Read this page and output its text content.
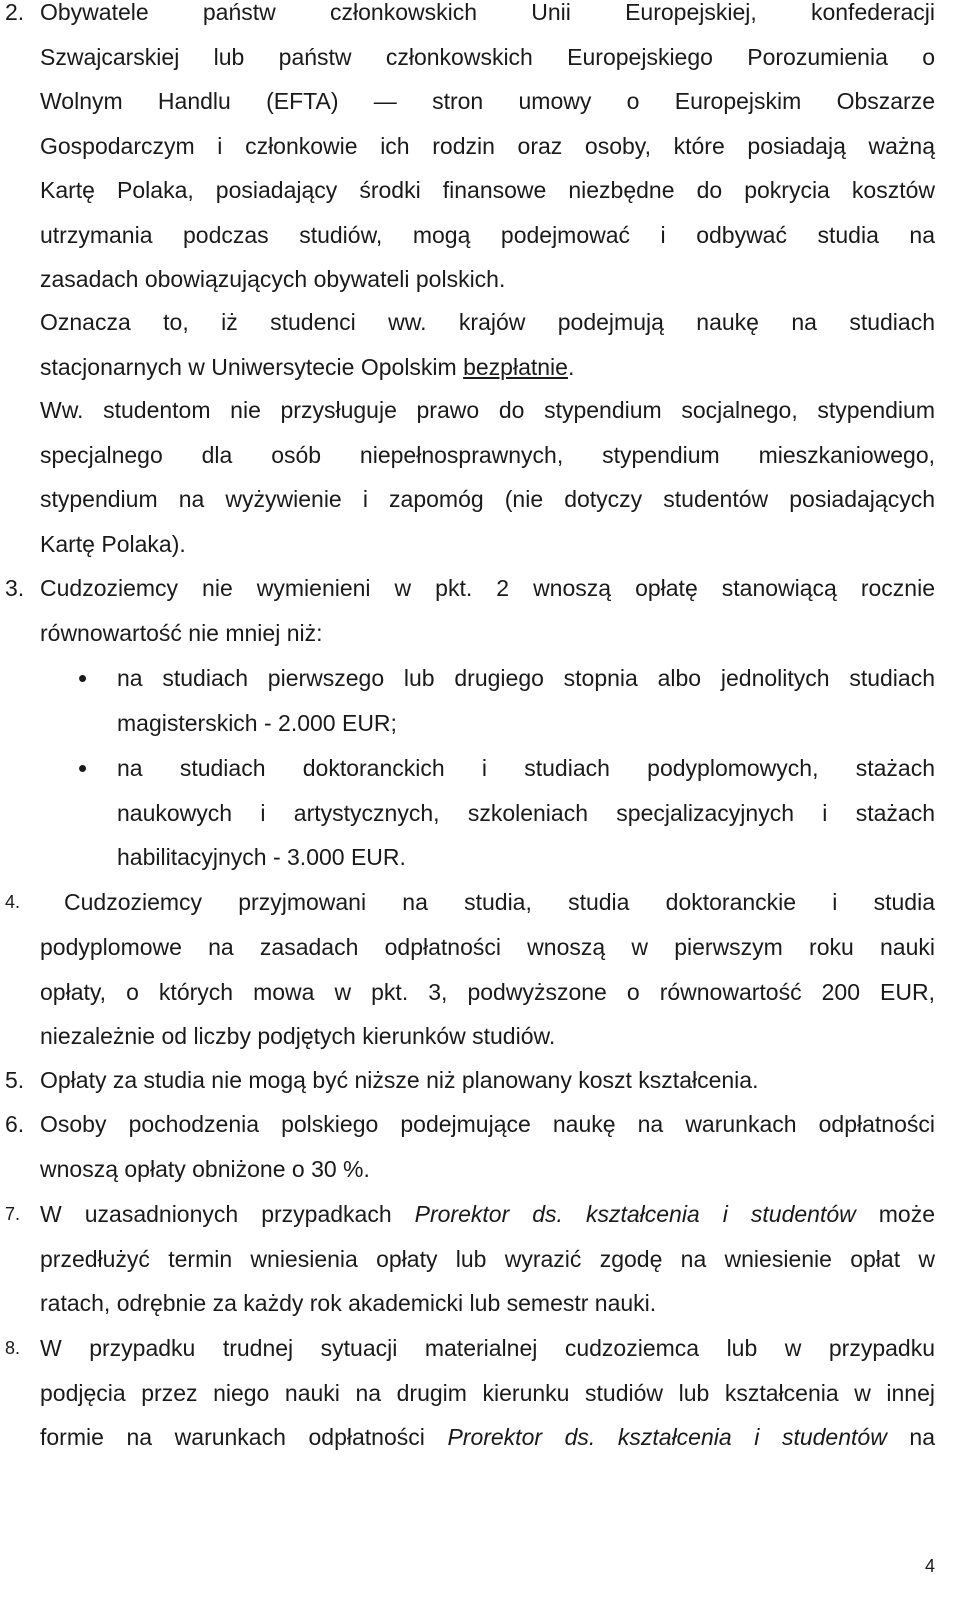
2. Obywatele państw członkowskich Unii Europejskiej, konfederacji
Szwajcarskiej lub państw członkowskich Europejskiego Porozumienia o
Wolnym Handlu (EFTA) — stron umowy o Europejskim Obszarze
Gospodarczym i członkowie ich rodzin oraz osoby, które posiadają ważną
Kartę Polaka, posiadający środki finansowe niezbędne do pokrycia kosztów
utrzymania podczas studiów, mogą podejmować i odbywać studia na
zasadach obowiązujących obywateli polskich.
Oznacza to, iż studenci ww. krajów podejmują naukę na studiach
stacjonarnych w Uniwersytecie Opolskim bezpłatnie.
Ww. studentom nie przysługuje prawo do stypendium socjalnego, stypendium
specjalnego dla osób niepełnosprawnych, stypendium mieszkaniowego,
stypendium na wyżywienie i zapomóg (nie dotyczy studentów posiadających
Kartę Polaka).
3. Cudzoziemcy nie wymienieni w pkt. 2 wnoszą opłatę stanowiącą rocznie
równowartość nie mniej niż:
• na studiach pierwszego lub drugiego stopnia albo jednolitych studiach
magisterskich - 2.000 EUR;
• na studiach doktoranckich i studiach podyplomowych, stażach
naukowych i artystycznych, szkoleniach specjalizacyjnych i stażach
habilitacyjnych - 3.000 EUR.
4. Cudzoziemcy przyjmowani na studia, studia doktoranckie i studia
podyplomowe na zasadach odpłatności wnoszą w pierwszym roku nauki
opłaty, o których mowa w pkt. 3, podwyższone o równowartość 200 EUR,
niezależnie od liczby podjętych kierunków studiów.
5. Opłaty za studia nie mogą być niższe niż planowany koszt kształcenia.
6. Osoby pochodzenia polskiego podejmujące naukę na warunkach odpłatności
wnoszą opłaty obniżone o 30 %.
7. W uzasadnionych przypadkach Prorektor ds. kształcenia i studentów może
przedłużyć termin wniesienia opłaty lub wyrazić zgodę na wniesienie opłat w
ratach, odrębnie za każdy rok akademicki lub semestr nauki.
8. W przypadku trudnej sytuacji materialnej cudzoziemca lub w przypadku
podjęcia przez niego nauki na drugim kierunku studiów lub kształcenia w innej
formie na warunkach odpłatności Prorektor ds. kształcenia i studentów na
4
